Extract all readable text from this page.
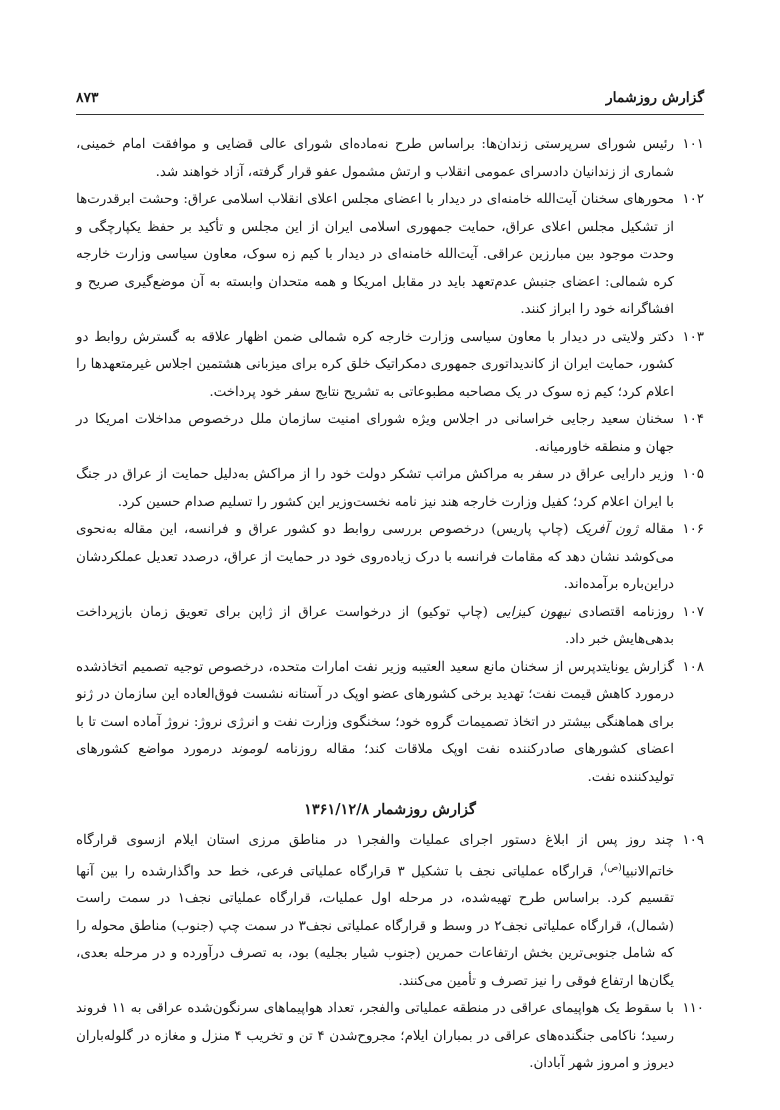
گزارش روزشمار
۸۷۳

۱۰۱
رئیس شورای سرپرستی زندان‌ها: براساس طرح نه‌ماده‌ای شورای عالی قضایی و موافقت امام خمینی، شماری از زندانیان دادسرای عمومی انقلاب و ارتش مشمول عفو قرار گرفته، آزاد خواهند شد.

۱۰۲
محورهای سخنان آیت‌الله خامنه‌ای در دیدار با اعضای مجلس اعلای انقلاب اسلامی عراق: وحشت ابرقدرت‌ها از تشکیل مجلس اعلای عراق، حمایت جمهوری اسلامی ایران از این مجلس و تأکید بر حفظ یکپارچگی و وحدت موجود بین مبارزین عراقی. آیت‌الله خامنه‌ای در دیدار با کیم زه سوک، معاون سیاسی وزارت خارجه کره شمالی: اعضای جنبش عدم‌تعهد باید در مقابل امریکا و همه متحدان وابسته به آن موضع‌گیری صریح و افشاگرانه خود را ابراز کنند.

۱۰۳
دکتر ولایتی در دیدار با معاون سیاسی وزارت خارجه کره شمالی ضمن اظهار علاقه به گسترش روابط دو کشور، حمایت ایران از کاندیداتوری جمهوری دمکراتیک خلق کره برای میزبانی هشتمین اجلاس غیرمتعهدها را اعلام کرد؛ کیم زه سوک در یک مصاحبه مطبوعاتی به تشریح نتایج سفر خود پرداخت.

۱۰۴
سخنان سعید رجایی خراسانی در اجلاس ویژه شورای امنیت سازمان ملل درخصوص مداخلات امریکا در جهان و منطقه خاورمیانه.

۱۰۵
وزیر دارایی عراق در سفر به مراکش مراتب تشکر دولت خود را از مراکش به‌دلیل حمایت از عراق در جنگ با ایران اعلام کرد؛ کفیل وزارت خارجه هند نیز نامه نخست‌وزیر این کشور را تسلیم صدام حسین کرد.

۱۰۶
مقاله ژون آفریک (چاپ پاریس) درخصوص بررسی روابط دو کشور عراق و فرانسه، این مقاله به‌نحوی می‌کوشد نشان دهد که مقامات فرانسه با درک زیاده‌روی خود در حمایت از عراق، درصدد تعدیل عملکردشان دراین‌باره برآمده‌اند.

۱۰۷
روزنامه اقتصادی نیهون کیزایی (چاپ توکیو) از درخواست عراق از ژاپن برای تعویق زمان بازپرداخت بدهی‌هایش خبر داد.

۱۰۸
گزارش یونایتدپرس از سخنان مانع سعید العتیبه وزیر نفت امارات متحده، درخصوص توجیه تصمیم اتخاذشده درمورد کاهش قیمت نفت؛ تهدید برخی کشورهای عضو اوپک در آستانه نشست فوق‌العاده این سازمان در ژنو برای هماهنگی بیشتر در اتخاذ تصمیمات گروه خود؛ سخنگوی وزارت نفت و انرژی نروژ: نروژ آماده است تا با اعضای کشورهای صادرکننده نفت اوپک ملاقات کند؛ مقاله روزنامه لوموند درمورد مواضع کشورهای تولیدکننده نفت.

گزارش روزشمار ۱۳۶۱/۱۲/۸

۱۰۹
چند روز پس از ابلاغ دستور اجرای عملیات والفجر۱ در مناطق مرزی استان ایلام ازسوی قرارگاه خاتم‌الانبیا$^{(ص)}$، قرارگاه عملیاتی نجف با تشکیل ۳ قرارگاه عملیاتی فرعی، خط حد واگذارشده را بین آنها تقسیم کرد. براساس طرح تهیه‌شده، در مرحله اول عملیات، قرارگاه عملیاتی نجف۱ در سمت راست (شمال)، قرارگاه عملیاتی نجف۲ در وسط و قرارگاه عملیاتی نجف۳ در سمت چپ (جنوب) مناطق محوله را که شامل جنوبی‌ترین بخش ارتفاعات حمرین (جنوب شیار بجلیه) بود، به تصرف درآورده و در مرحله بعدی، یگان‌ها ارتفاع فوقی را نیز تصرف و تأمین می‌کنند.

۱۱۰
با سقوط یک هواپیمای عراقی در منطقه عملیاتی والفجر، تعداد هواپیماهای سرنگون‌شده عراقی به ۱۱ فروند رسید؛ ناکامی جنگنده‌های عراقی در بمباران ایلام؛ مجروح‌شدن ۴ تن و تخریب ۴ منزل و مغازه در گلوله‌باران دیروز و امروز شهر آبادان.
